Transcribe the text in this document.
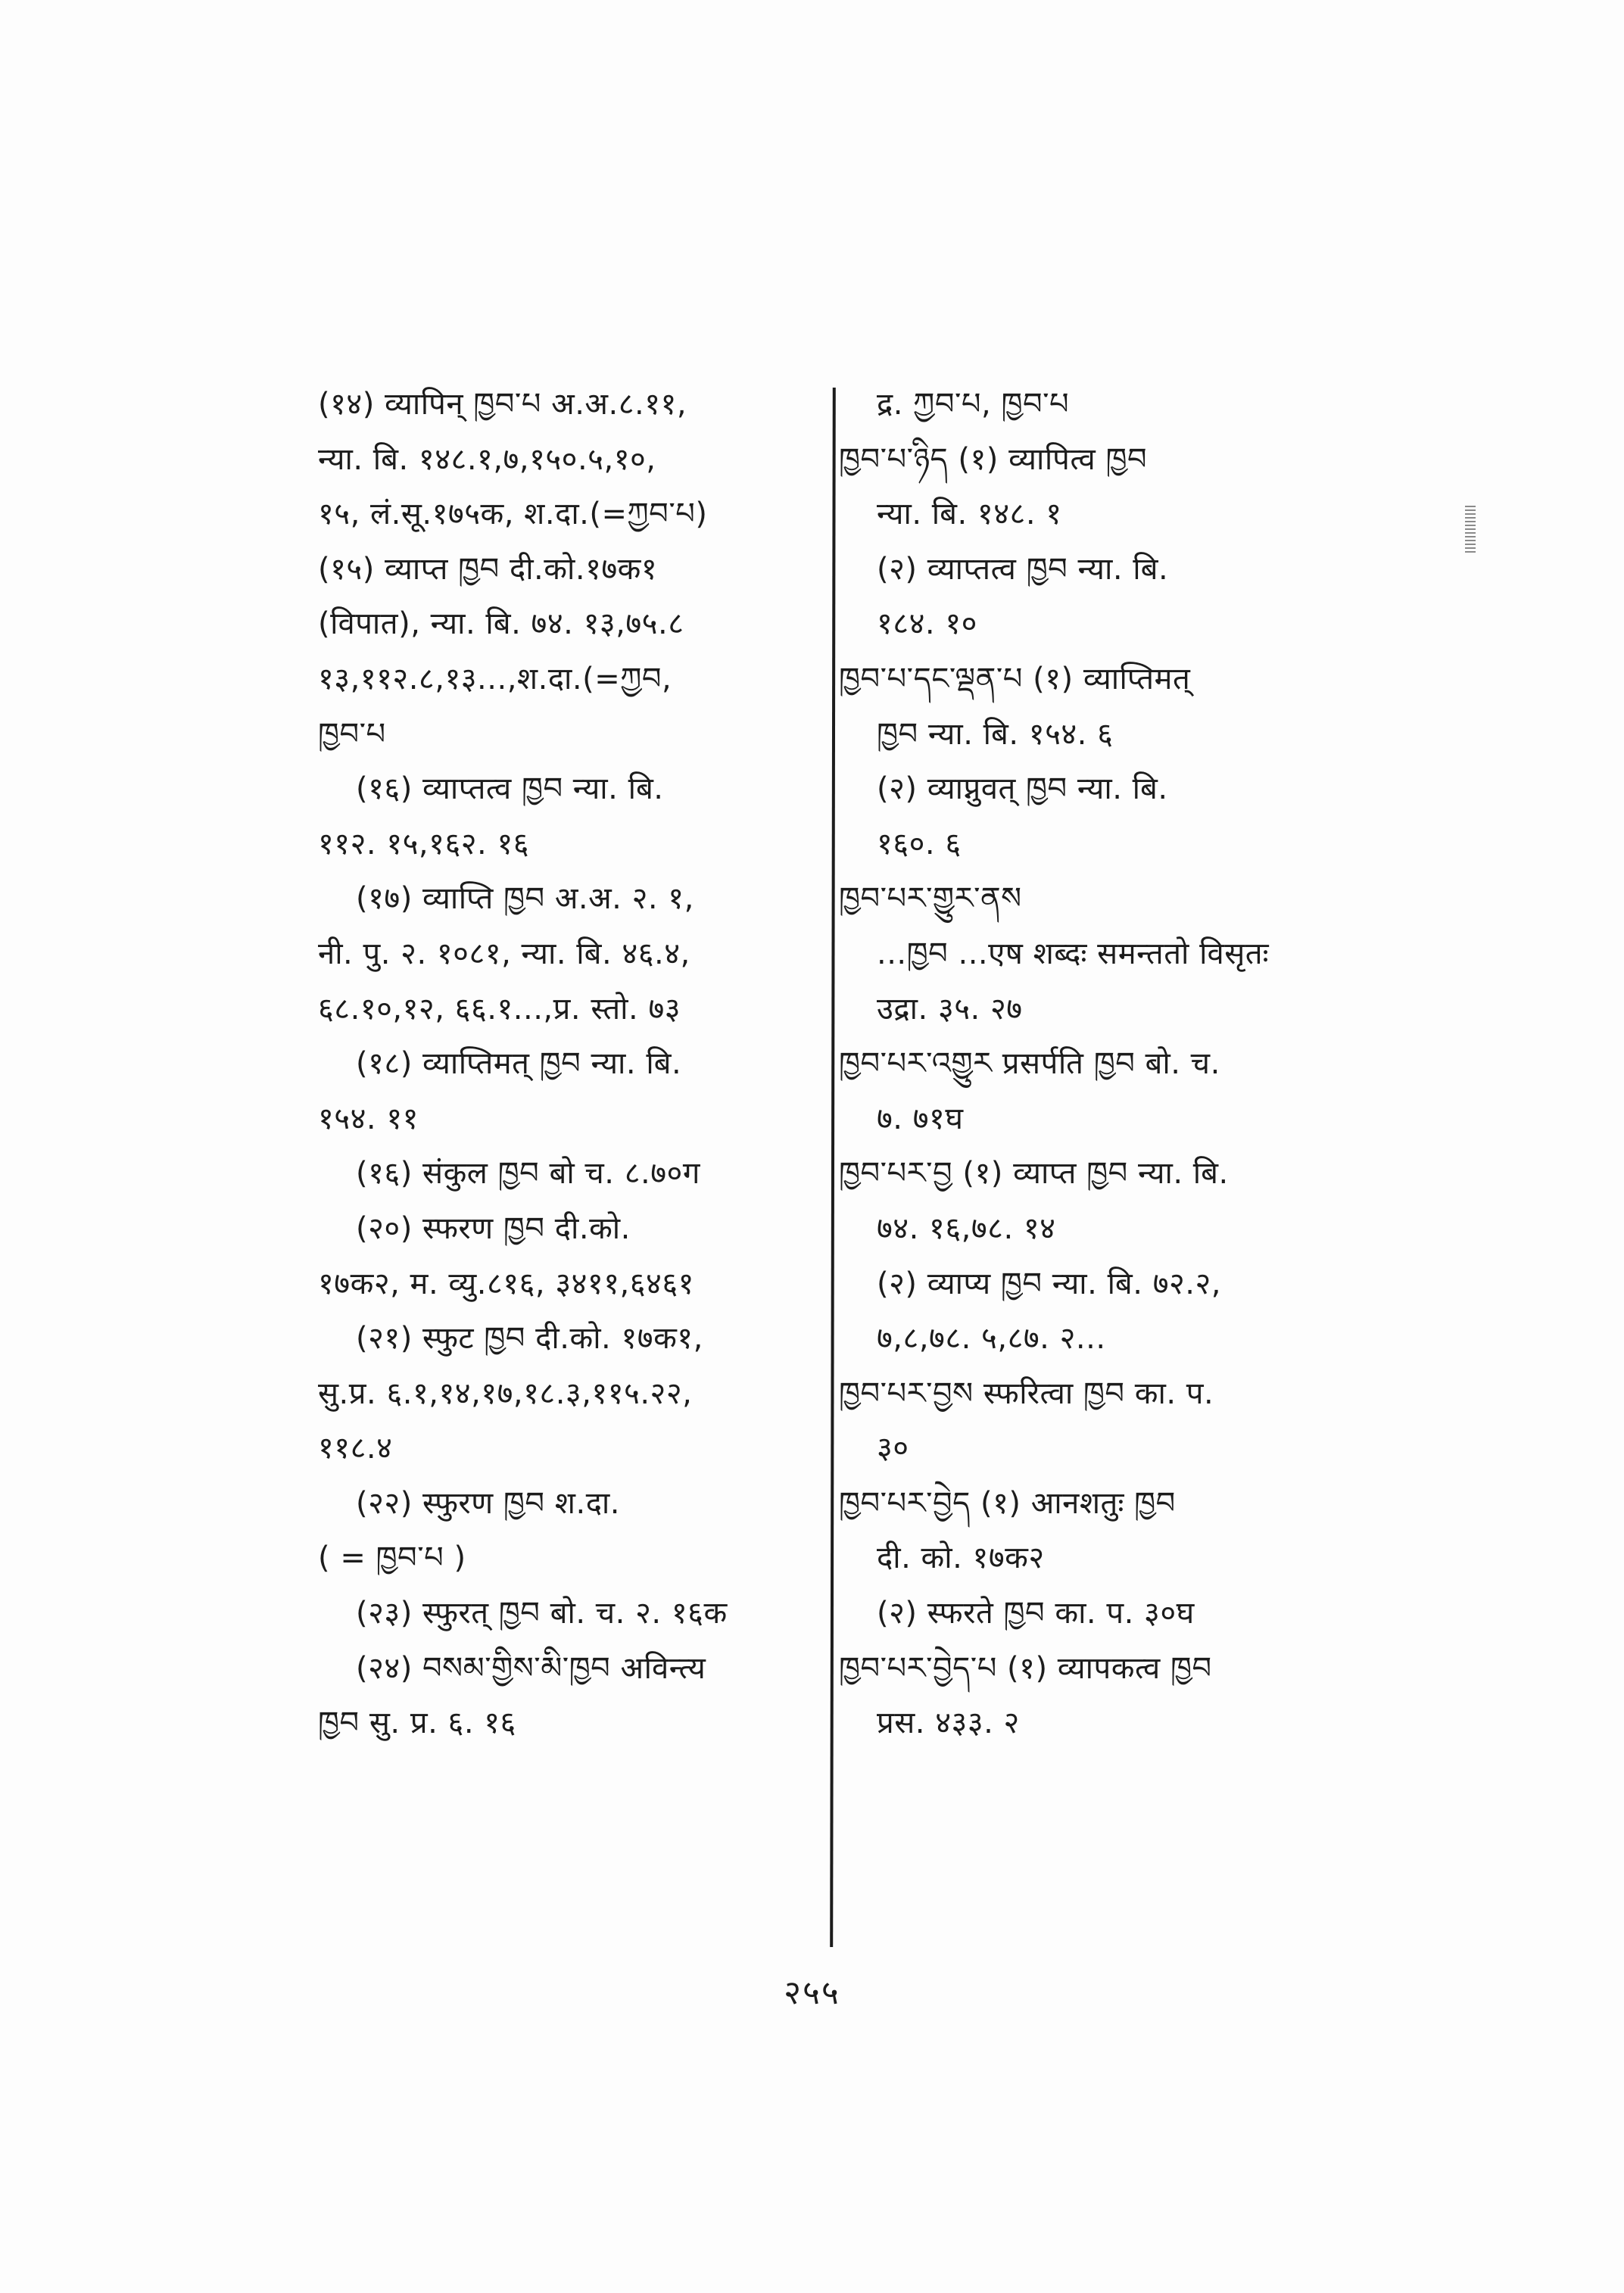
(१४) व्यापिन् ཁྱབ་པ अ.अ.८.११,
न्या. बि. १४८.१,७,१५०.५,१०,
१५, लं.सू.१७५क, श.दा.(=ཀྱབ་པ)
(१५) व्याप्त ཁྱབ दी.को.१७क१
(विपात), न्या. बि. ७४. १३,७५.८
१३,११२.८,१३...,श.दा.(=ཀྱབ,
ཁྱབ་པ
(१६) व्याप्तत्व ཁྱབ न्या. बि.
११२. १५,१६२. १६
(१७) व्याप्ति ཁྱབ अ.अ. २. १,
नी. पु. २. १०८१, न्या. बि. ४६.४,
६८.१०,१२, ६६.१...,प्र. स्तो. ७३
(१८) व्याप्तिमत् ཁྱབ न्या. बि.
१५४. ११
(१६) संकुल ཁྱབ बो च. ८.७०ग
(२०) स्फरण ཁྱབ दी.को.
१७क२, म. व्यु.८१६, ३४११,६४६१
(२१) स्फुट ཁྱབ दी.को. १७क१,
सु.प्र. ६.१,१४,१७,१८.३,११५.२२,
११८.४
(२२) स्फुरण ཁྱབ श.दा.
( = ཁྱབ་པ )
(२३) स्फुरत् ཁྱབ बो. च. २. १६क
(२४) བསམ་གྱིས་མི་ཁྱབ अविन्त्य
ཁྱབ सु. प्र. ६. १६
द्र. ཀྱབ་པ, ཁྱབ་པ
ཁྱབ་པ་ཉིད (१) व्यापित्व ཁྱབ
न्या. बि. १४८. १
(२) व्याप्तत्व ཁྱབ न्या. बि.
१८४. १०
ཁྱབ་པ་དང་ལྡན་པ (१) व्याप्तिमत्
ཁྱབ न्या. बि. १५४. ६
(२) व्याप्नुवत् ཁྱབ न्या. बि.
१६०. ६
ཁྱབ་པར་གྱུར་ནས
...ཁྱབ ...एष शब्दः समन्ततो विसृतः
उद्रा. ३५. २७
ཁྱབ་པར་འགྱུར प्रसर्पति ཁྱབ बो. च.
७. ७१घ
ཁྱབ་པར་བྱ (१) व्याप्त ཁྱབ न्या. बि.
७४. १६,७८. १४
(२) व्याप्य ཁྱབ न्या. बि. ७२.२,
७,८,७८. ५,८७. २...
ཁྱབ་པར་བྱས स्फरित्वा ཁྱབ का. प.
३०
ཁྱབ་པར་བྱེད (१) आनशतुः ཁྱབ
दी. को. १७क२
(२) स्फरते ཁྱབ का. प. ३०घ
ཁྱབ་པར་བྱེད་པ (१) व्यापकत्व ཁྱབ
प्रस. ४३३. २
२५५
